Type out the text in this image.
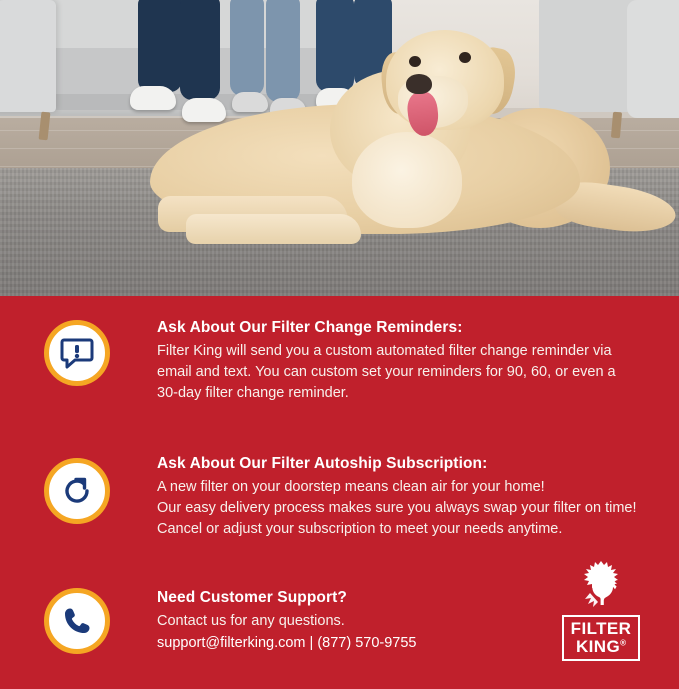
Ask About Our Filter Change Reminders:
Filter King will send you a custom automated filter change reminder via email and text. You can custom set your reminders for 90, 60, or even a 30-day filter change reminder.
Ask About Our Filter Autoship Subscription:

A new filter on your doorstep means clean air for your home!

Our easy delivery process makes sure you always swap your filter on time! Cancel or adjust your subscription to meet your needs anytime.

Need Customer Support?
Contact us for any questions.
support@filterking.com | (877) 570-9755
FILTER
KING®
